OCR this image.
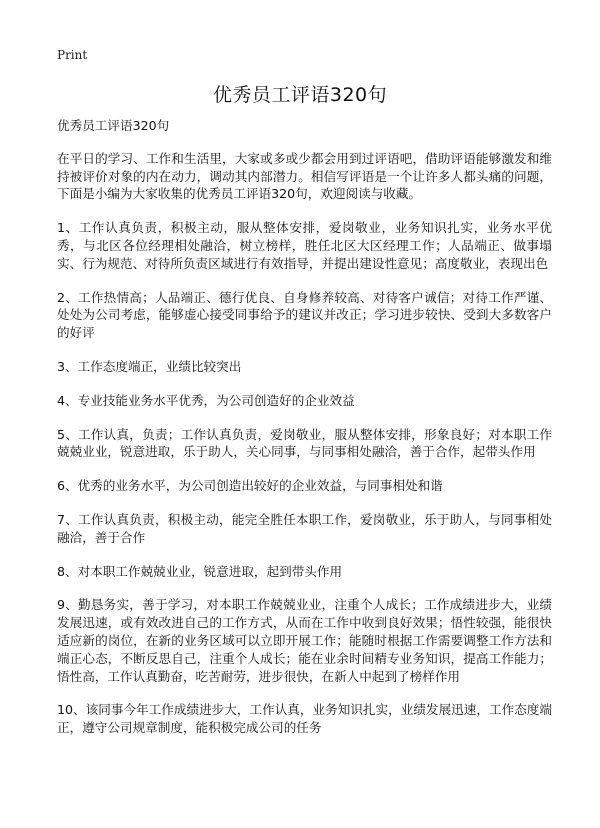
Print
优秀员工评语320句

优秀员工评语320句

在平日的学习、工作和生活里，大家或多或少都会用到过评语吧，借助评语能够激发和维持被评价对象的内在动力，调动其内部潜力。相信写评语是一个让许多人都头痛的问题，下面是小编为大家收集的优秀员工评语320句，欢迎阅读与收藏。

1、工作认真负责，积极主动，服从整体安排，爱岗敬业，业务知识扎实，业务水平优秀，与北区各位经理相处融洽，树立榜样，胜任北区大区经理工作；人品端正、做事塌实、行为规范、对待所负责区域进行有效指导，并提出建设性意见；高度敬业，表现出色

2、工作热情高；人品端正、德行优良、自身修养较高、对待客户诚信；对待工作严谨、处处为公司考虑，能够虚心接受同事给予的建议并改正；学习进步较快、受到大多数客户的好评

3、工作态度端正，业绩比较突出

4、专业技能业务水平优秀，为公司创造好的企业效益

5、工作认真，负责；工作认真负责，爱岗敬业，服从整体安排，形象良好；对本职工作兢兢业业，锐意进取，乐于助人，关心同事，与同事相处融洽，善于合作，起带头作用

6、优秀的业务水平，为公司创造出较好的企业效益，与同事相处和谐

7、工作认真负责，积极主动，能完全胜任本职工作，爱岗敬业，乐于助人，与同事相处融洽，善于合作

8、对本职工作兢兢业业，锐意进取，起到带头作用

9、勤恳务实，善于学习，对本职工作兢兢业业，注重个人成长；工作成绩进步大，业绩发展迅速，或有效改进自己的工作方式，从而在工作中收到良好效果；悟性较强，能很快适应新的岗位，在新的业务区域可以立即开展工作；能随时根据工作需要调整工作方法和端正心态，不断反思自己，注重个人成长；能在业余时间精专业务知识，提高工作能力；悟性高，工作认真勤奋，吃苦耐劳，进步很快，在新人中起到了榜样作用

10、该同事今年工作成绩进步大，工作认真，业务知识扎实，业绩发展迅速，工作态度端正，遵守公司规章制度，能积极完成公司的任务
